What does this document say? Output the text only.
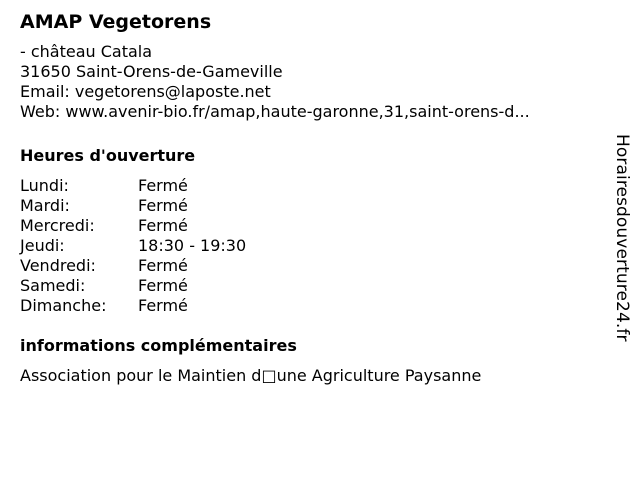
AMAP Vegetorens
- château Catala
31650 Saint-Orens-de-Gameville
Email: vegetorens@laposte.net
Web: www.avenir-bio.fr/amap,haute-garonne,31,saint-orens-d...
Heures d'ouverture
Lundi:	Fermé
Mardi:	Fermé
Mercredi:	Fermé
Jeudi:	18:30 - 19:30
Vendredi:	Fermé
Samedi:	Fermé
Dimanche: Fermé
informations complémentaires
Association pour le Maintien d□une Agriculture Paysanne
Horairesdouverture24.fr
